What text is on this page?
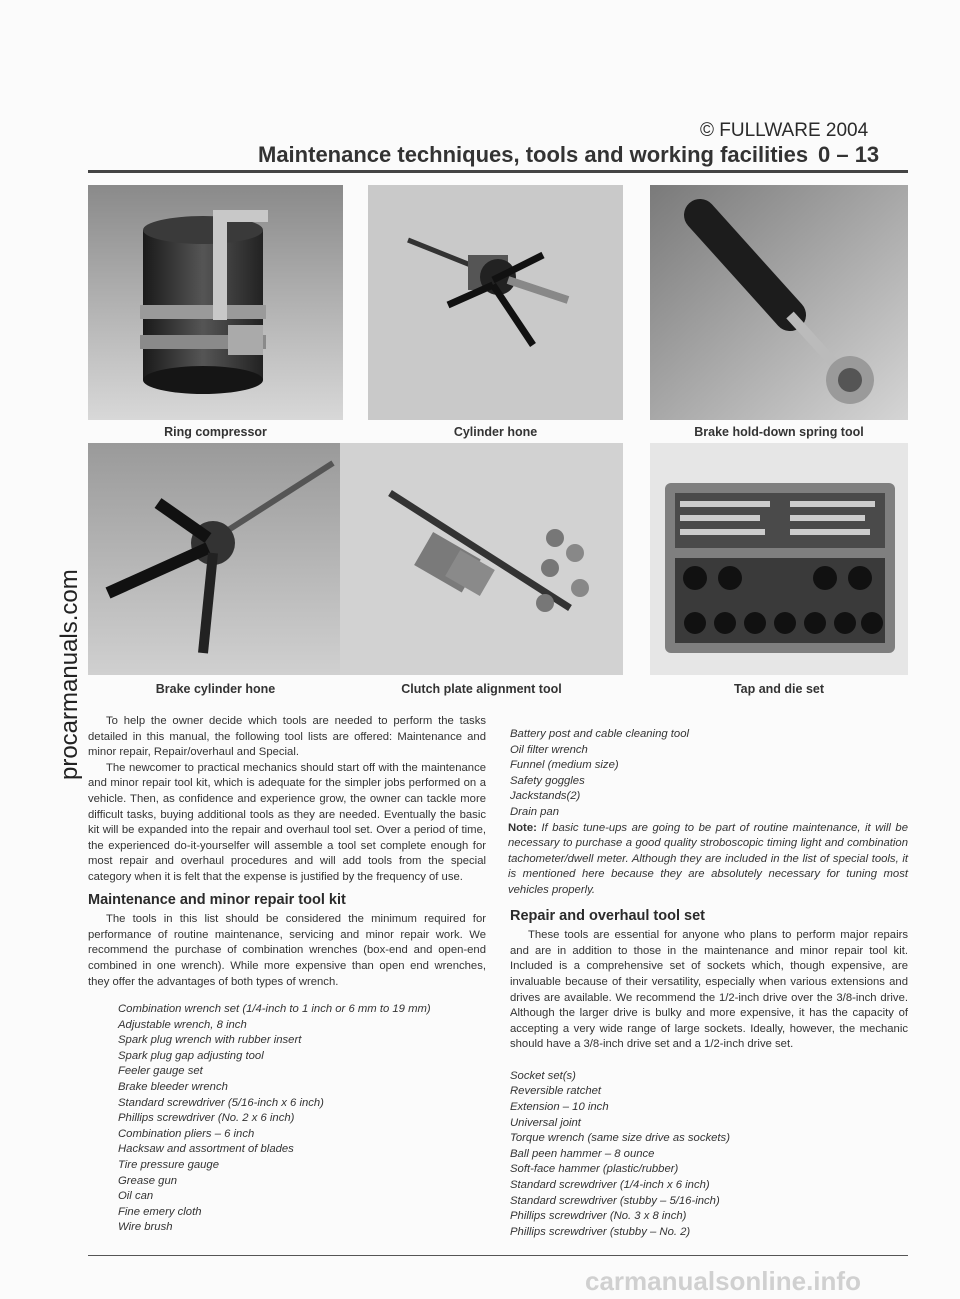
© FULLWARE 2004
Maintenance techniques, tools and working facilities 0 – 13
Ring compressor	Cylinder hone	Brake hold-down spring tool
Brake cylinder hone	Clutch plate alignment tool	Tap and die set

To help the owner decide which tools are needed to perform the tasks detailed in this manual, the following tool lists are offered: Maintenance and minor repair, Repair/overhaul and Special.

The newcomer to practical mechanics should start off with the maintenance and minor repair tool kit, which is adequate for the simpler jobs performed on a vehicle. Then, as confidence and experience grow, the owner can tackle more difficult tasks, buying additional tools as they are needed. Eventually the basic kit will be expanded into the repair and overhaul tool set. Over a period of time, the experienced do-it-yourselfer will assemble a tool set complete enough for most repair and overhaul procedures and will add tools from the special category when it is felt that the expense is justified by the frequency of use.

Maintenance and minor repair tool kit

The tools in this list should be considered the minimum required for performance of routine maintenance, servicing and minor repair work. We recommend the purchase of combination wrenches (box-end and open-end combined in one wrench). While more expensive than open end wrenches, they offer the advantages of both types of wrench.

Combination wrench set (1/4-inch to 1 inch or 6 mm to 19 mm)
Adjustable wrench, 8 inch
Spark plug wrench with rubber insert
Spark plug gap adjusting tool
Feeler gauge set
Brake bleeder wrench
Standard screwdriver (5/16-inch x 6 inch)
Phillips screwdriver (No. 2 x 6 inch)
Combination pliers – 6 inch
Hacksaw and assortment of blades
Tire pressure gauge
Grease gun
Oil can
Fine emery cloth
Wire brush
Battery post and cable cleaning tool
Oil filter wrench
Funnel (medium size)
Safety goggles
Jackstands(2)
Drain pan

Note: If basic tune-ups are going to be part of routine maintenance, it will be necessary to purchase a good quality stroboscopic timing light and combination tachometer/dwell meter. Although they are included in the list of special tools, it is mentioned here because they are absolutely necessary for tuning most vehicles properly.

Repair and overhaul tool set

These tools are essential for anyone who plans to perform major repairs and are in addition to those in the maintenance and minor repair tool kit. Included is a comprehensive set of sockets which, though expensive, are invaluable because of their versatility, especially when various extensions and drives are available. We recommend the 1/2-inch drive over the 3/8-inch drive. Although the larger drive is bulky and more expensive, it has the capacity of accepting a very wide range of large sockets. Ideally, however, the mechanic should have a 3/8-inch drive set and a 1/2-inch drive set.

Socket set(s)
Reversible ratchet
Extension – 10 inch
Universal joint
Torque wrench (same size drive as sockets)
Ball peen hammer – 8 ounce
Soft-face hammer (plastic/rubber)
Standard screwdriver (1/4-inch x 6 inch)
Standard screwdriver (stubby – 5/16-inch)
Phillips screwdriver (No. 3 x 8 inch)
Phillips screwdriver (stubby – No. 2)
procarmanuals.com
carmanualsonline.info
